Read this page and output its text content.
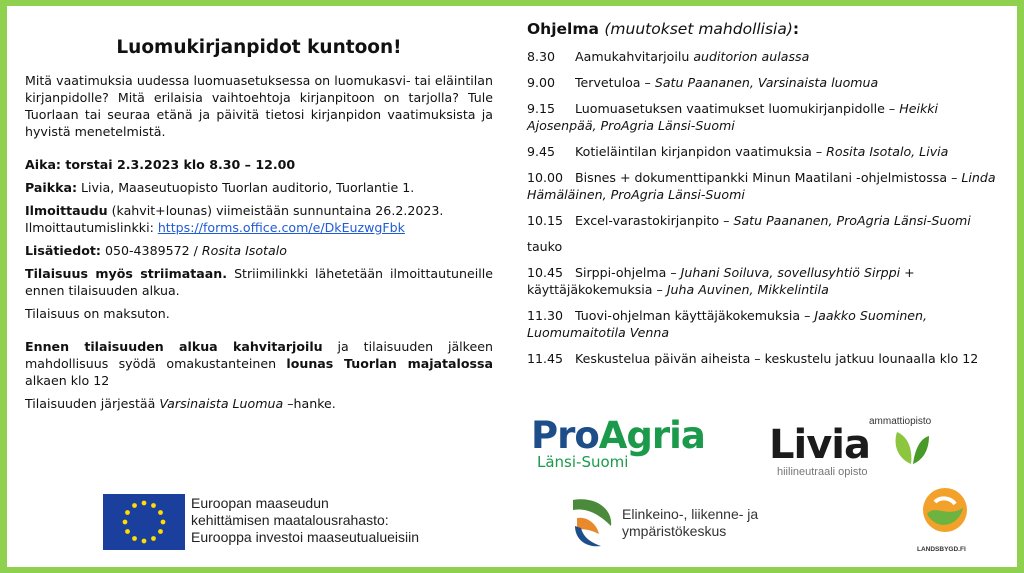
Luomukirjanpidot kuntoon!

Mitä vaatimuksia uudessa luomuasetuksessa on luomukasvi- tai eläintilan kirjanpidolle? Mitä erilaisia vaihtoehtoja kirjanpitoon on tarjolla? Tule Tuorlaan tai seuraa etänä ja päivitä tietosi kirjanpidon vaatimuksista ja hyvistä menetelmistä.

Aika: torstai 2.3.2023 klo 8.30 – 12.00

Paikka: Livia, Maaseutuopisto Tuorlan auditorio, Tuorlantie 1.

Ilmoittaudu (kahvit+lounas) viimeistään sunnuntaina 26.2.2023.
Ilmoittautumislinkki: https://forms.office.com/e/DkEuzwgFbk

Lisätiedot: 050-4389572 / Rosita Isotalo

Tilaisuus myös striimataan. Striimilinkki lähetetään ilmoittautuneille ennen tilaisuuden alkua.

Tilaisuus on maksuton.

Ennen tilaisuuden alkua kahvitarjoilu ja tilaisuuden jälkeen mahdollisuus syödä omakustanteinen lounas Tuorlan majatalossa alkaen klo 12

Tilaisuuden järjestää Varsinaista Luomua –hanke.

Ohjelma (muutokset mahdollisia):
8.30 Aamukahvitarjoilu auditorion aulassa
9.00 Tervetuloa – Satu Paananen, Varsinaista luomua
9.15 Luomuasetuksen vaatimukset luomukirjanpidolle – Heikki Ajosenpää, ProAgria Länsi-Suomi
9.45 Kotieläintilan kirjanpidon vaatimuksia – Rosita Isotalo, Livia
10.00 Bisnes + dokumenttipankki Minun Maatilani -ohjelmistossa – Linda Hämäläinen, ProAgria Länsi-Suomi
10.15 Excel-varastokirjanpito – Satu Paananen, ProAgria Länsi-Suomi
tauko
10.45 Sirppi-ohjelma – Juhani Soiluva, sovellusyhtiö Sirppi + käyttäjäkokemuksia – Juha Auvinen, Mikkelintila
11.30 Tuovi-ohjelman käyttäjäkokemuksia – Jaakko Suominen, Luomumaitotila Venna
11.45 Keskustelua päivän aiheista – keskustelu jatkuu lounaalla klo 12
Euroopan maaseudun
kehittämisen maatalousrahasto:
Eurooppa investoi maaseutualueisiin
ProAgria
Länsi-Suomi
ammattiopisto
Livia
hiilineutraali opisto
Elinkeino-, liikenne- ja
ympäristökeskus
LANDSBYGD.FI
